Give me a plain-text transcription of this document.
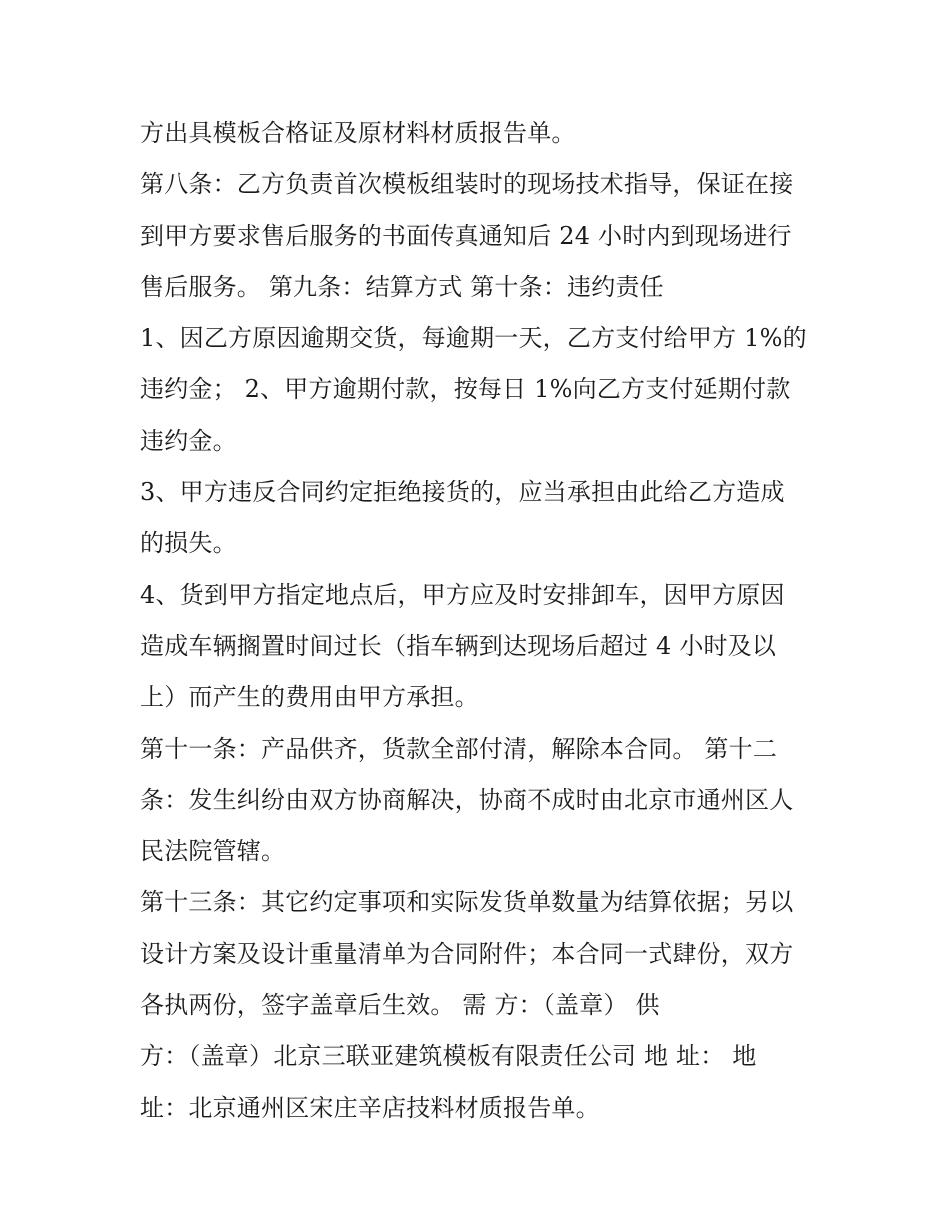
方出具模板合格证及原材料材质报告单。
第八条：乙方负责首次模板组装时的现场技术指导，保证在接
到甲方要求售后服务的书面传真通知后 24 小时内到现场进行
售后服务。 第九条：结算方式 第十条：违约责任
1、因乙方原因逾期交货，每逾期一天，乙方支付给甲方 1%的
违约金； 2、甲方逾期付款，按每日 1%向乙方支付延期付款
违约金。
3、甲方违反合同约定拒绝接货的，应当承担由此给乙方造成
的损失。
4、货到甲方指定地点后，甲方应及时安排卸车，因甲方原因
造成车辆搁置时间过长（指车辆到达现场后超过 4 小时及以
上）而产生的费用由甲方承担。
第十一条：产品供齐，货款全部付清，解除本合同。 第十二
条：发生纠纷由双方协商解决，协商不成时由北京市通州区人
民法院管辖。
第十三条：其它约定事项和实际发货单数量为结算依据；另以
设计方案及设计重量清单为合同附件；本合同一式肆份，双方
各执两份，签字盖章后生效。 需 方：（盖章） 供
方：（盖章）北京三联亚建筑模板有限责任公司 地 址： 地
址：北京通州区宋庄辛店技料材质报告单。
